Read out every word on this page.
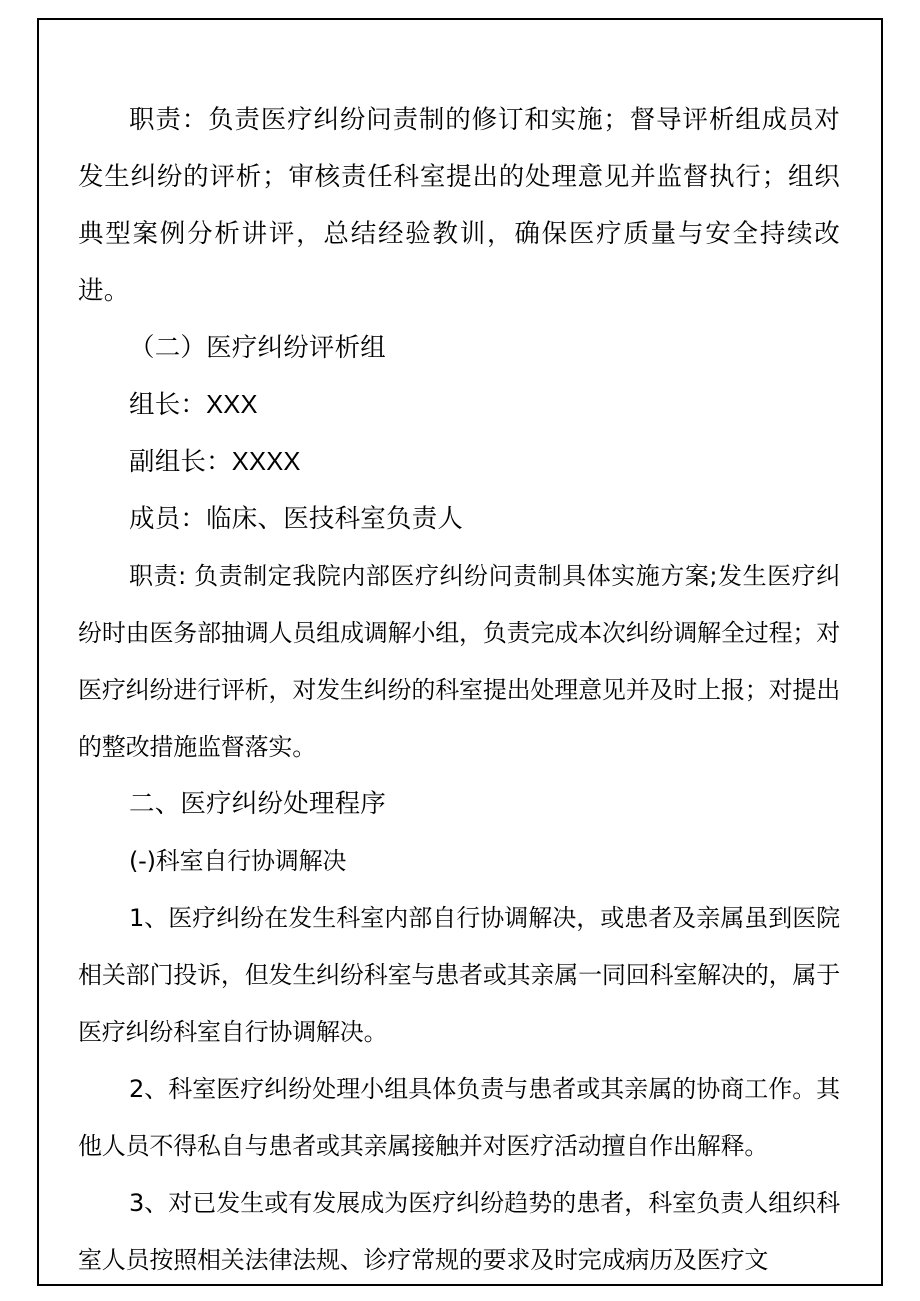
职责：负责医疗纠纷问责制的修订和实施；督导评析组成员对发生纠纷的评析；审核责任科室提出的处理意见并监督执行；组织典型案例分析讲评，总结经验教训，确保医疗质量与安全持续改进。

（二）医疗纠纷评析组

组长：XXX

副组长：XXXX

成员：临床、医技科室负责人

职责: 负责制定我院内部医疗纠纷问责制具体实施方案;发生医疗纠纷时由医务部抽调人员组成调解小组，负责完成本次纠纷调解全过程；对医疗纠纷进行评析，对发生纠纷的科室提出处理意见并及时上报；对提出的整改措施监督落实。

二、医疗纠纷处理程序

(-)科室自行协调解决

1、医疗纠纷在发生科室内部自行协调解决，或患者及亲属虽到医院相关部门投诉，但发生纠纷科室与患者或其亲属一同回科室解决的，属于医疗纠纷科室自行协调解决。

2、科室医疗纠纷处理小组具体负责与患者或其亲属的协商工作。其他人员不得私自与患者或其亲属接触并对医疗活动擅自作出解释。

3、对已发生或有发展成为医疗纠纷趋势的患者，科室负责人组织科室人员按照相关法律法规、诊疗常规的要求及时完成病历及医疗文
